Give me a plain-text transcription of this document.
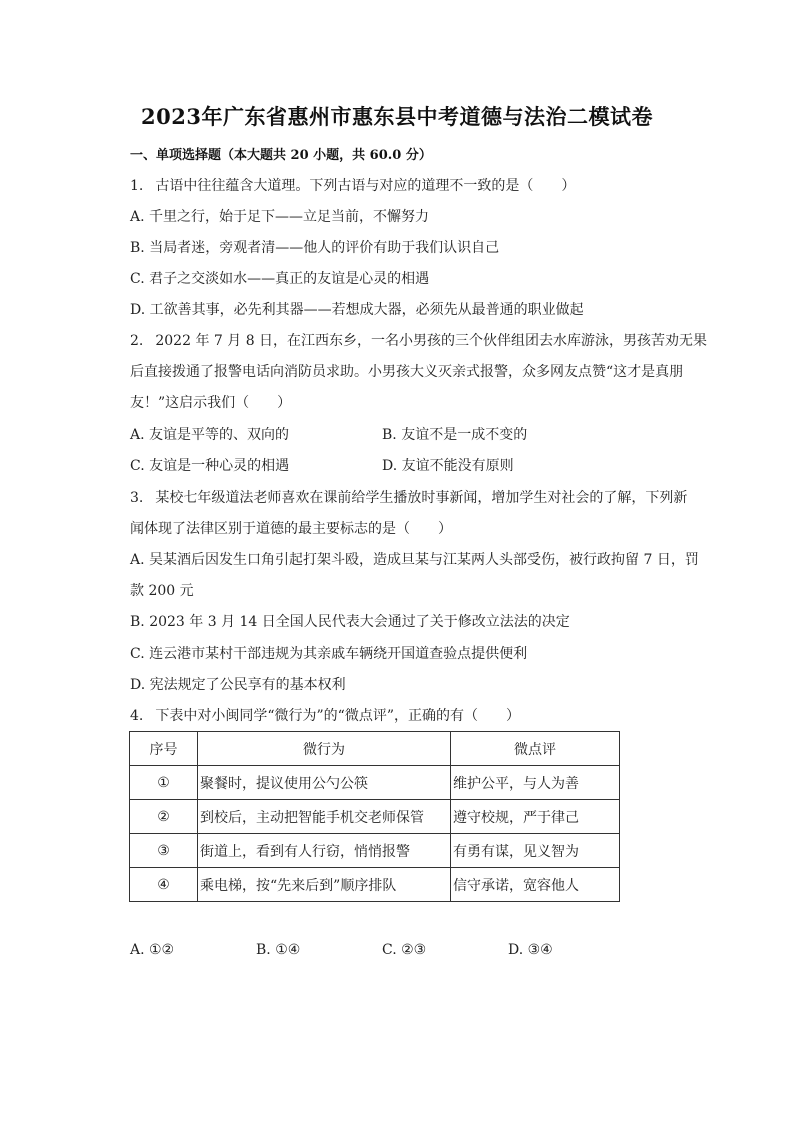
2023年广东省惠州市惠东县中考道德与法治二模试卷
一、单项选择题（本大题共 20 小题，共 60.0 分）
1. 古语中往往蕴含大道理。下列古语与对应的道理不一致的是（　　）
A. 千里之行，始于足下——立足当前，不懈努力
B. 当局者迷，旁观者清——他人的评价有助于我们认识自己
C. 君子之交淡如水——真正的友谊是心灵的相遇
D. 工欲善其事，必先利其器——若想成大器，必须先从最普通的职业做起
2. 2022 年 7 月 8 日，在江西东乡，一名小男孩的三个伙伴组团去水库游泳，男孩苦劝无果
后直接拨通了报警电话向消防员求助。小男孩大义灭亲式报警，众多网友点赞“这才是真朋
友！”这启示我们（　　）
A. 友谊是平等的、双向的	B. 友谊不是一成不变的
C. 友谊是一种心灵的相遇	D. 友谊不能没有原则
3. 某校七年级道法老师喜欢在课前给学生播放时事新闻，增加学生对社会的了解，下列新
闻体现了法律区别于道德的最主要标志的是（　　）
A. 吴某酒后因发生口角引起打架斗殴，造成旦某与江某两人头部受伤，被行政拘留 7 日，罚
款 200 元
B. 2023 年 3 月 14 日全国人民代表大会通过了关于修改立法法的决定
C. 连云港市某村干部违规为其亲戚车辆绕开国道查验点提供便利
D. 宪法规定了公民享有的基本权利
4. 下表中对小闽同学“微行为”的“微点评”，正确的有（　　）
序号	微行为	微点评
①	聚餐时，提议使用公勺公筷	维护公平，与人为善
②	到校后，主动把智能手机交老师保管	遵守校规，严于律己
③	街道上，看到有人行窃，悄悄报警	有勇有谋，见义智为
④	乘电梯，按“先来后到”顺序排队	信守承诺，宽容他人
A. ①②	B. ①④	C. ②③	D. ③④
